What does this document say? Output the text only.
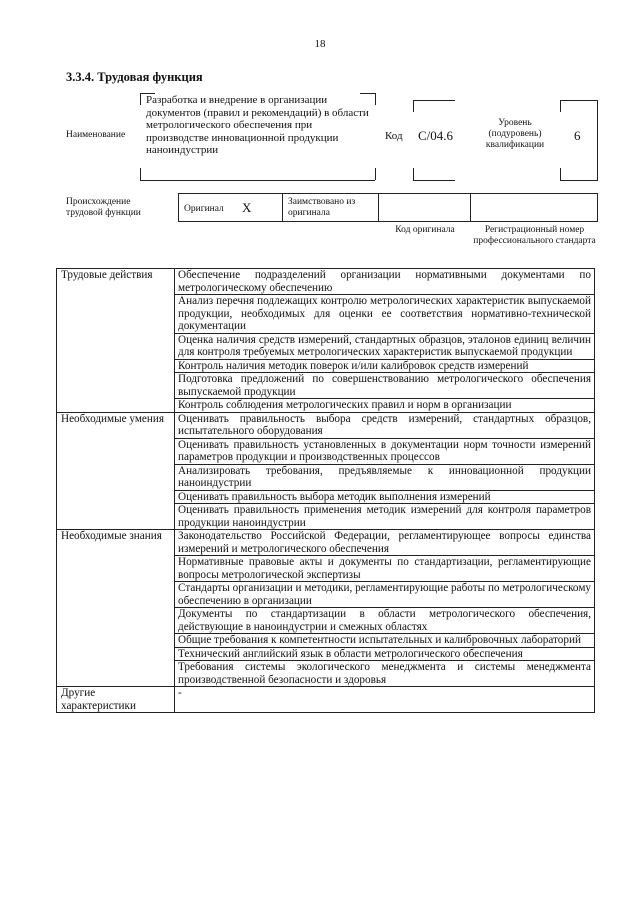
18
3.3.4. Трудовая функция
Наименование
Разработка и внедрение в организации документов (правил и рекомендаций) в области метрологического обеспечения при производстве инновационной продукции наноиндустрии
Код C/04.6
Уровень (подуровень) квалификации
6
Происхождение трудовой функции	Оригинал X	Заимствовано из оригинала
Код оригинала	Регистрационный номер профессионального стандарта
Трудовые действия	Обеспечение подразделений организации нормативными документами по метрологическому обеспечению
	Анализ перечня подлежащих контролю метрологических характеристик выпускаемой продукции, необходимых для оценки ее соответствия нормативно-технической документации
	Оценка наличия средств измерений, стандартных образцов, эталонов единиц величин для контроля требуемых метрологических характеристик выпускаемой продукции
	Контроль наличия методик поверок и/или калибровок средств измерений
	Подготовка предложений по совершенствованию метрологического обеспечения выпускаемой продукции
	Контроль соблюдения метрологических правил и норм в организации
Необходимые умения	Оценивать правильность выбора средств измерений, стандартных образцов, испытательного оборудования
	Оценивать правильность установленных в документации норм точности измерений параметров продукции и производственных процессов
	Анализировать требования, предъявляемые к инновационной продукции наноиндустрии
	Оценивать правильность выбора методик выполнения измерений
	Оценивать правильность применения методик измерений для контроля параметров продукции наноиндустрии
Необходимые знания	Законодательство Российской Федерации, регламентирующее вопросы единства измерений и метрологического обеспечения
	Нормативные правовые акты и документы по стандартизации, регламентирующие вопросы метрологической экспертизы
	Стандарты организации и методики, регламентирующие работы по метрологическому обеспечению в организации
	Документы по стандартизации в области метрологического обеспечения, действующие в наноиндустрии и смежных областях
	Общие требования к компетентности испытательных и калибровочных лабораторий
	Технический английский язык в области метрологического обеспечения
	Требования системы экологического менеджмента и системы менеджмента производственной безопасности и здоровья
Другие характеристики	-
